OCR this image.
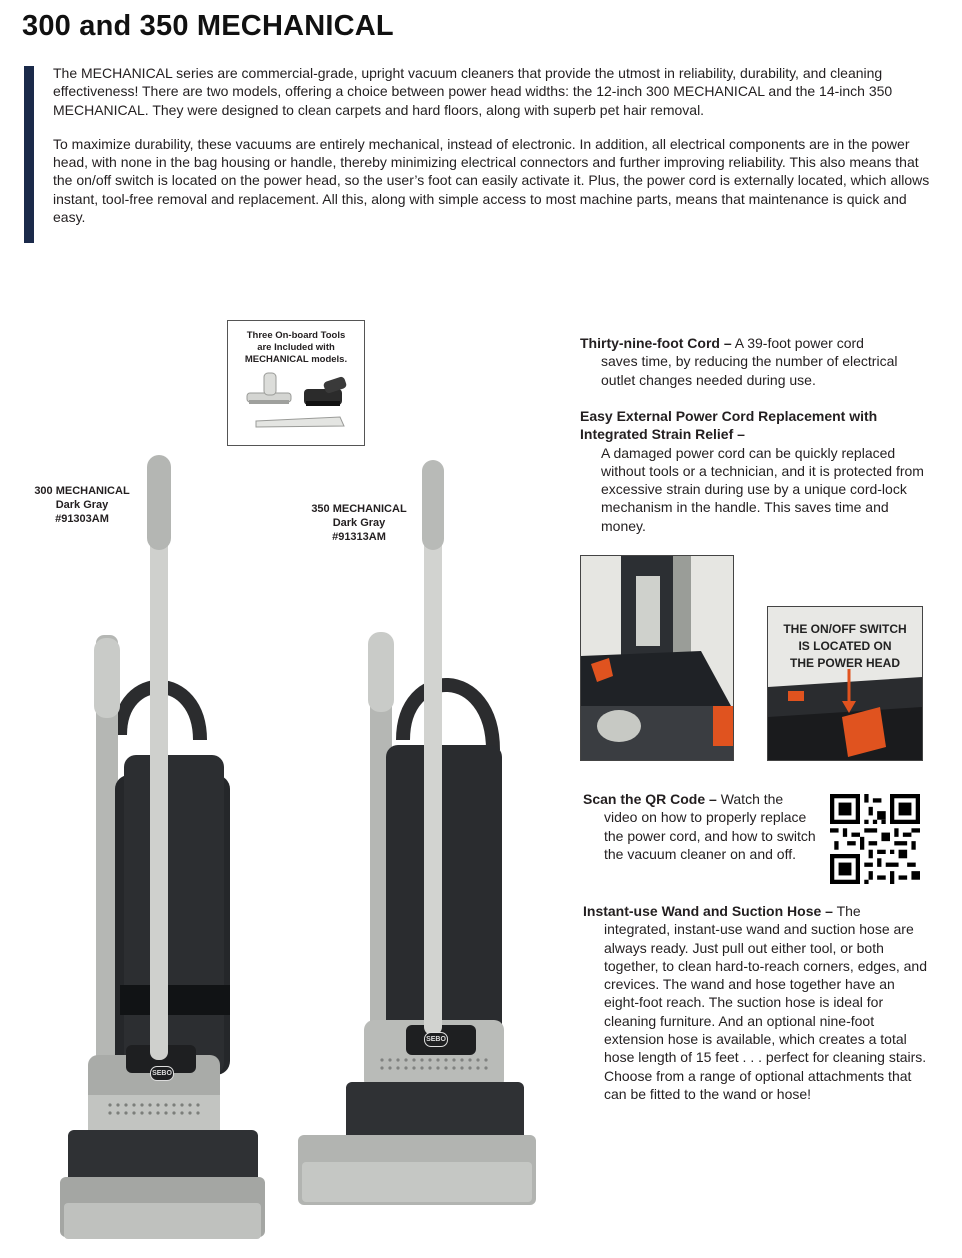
300 and 350 MECHANICAL

The MECHANICAL series are commercial-grade, upright vacuum cleaners that provide the utmost in reliability, durability, and cleaning effectiveness! There are two models, offering a choice between power head widths: the 12-inch 300 MECHANICAL and the 14-inch 350 MECHANICAL. They were designed to clean carpets and hard floors, along with superb pet hair removal.

To maximize durability, these vacuums are entirely mechanical, instead of electronic. In addition, all electrical components are in the power head, with none in the bag housing or handle, thereby minimizing electrical connectors and further improving reliability. This also means that the on/off switch is located on the power head, so the user’s foot can easily activate it. Plus, the power cord is externally located, which allows instant, tool-free removal and replacement. All this, along with simple access to most machine parts, means that maintenance is quick and easy.

Three On-board Tools
are Included with
MECHANICAL models.
300 MECHANICAL
Dark Gray
#91303AM
350 MECHANICAL
Dark Gray
#91313AM
SEBO
SEBO
Thirty-nine-foot Cord – A 39-foot power cord
saves time, by reducing the number of electrical outlet changes needed during use.
Easy External Power Cord Replacement with Integrated Strain Relief –
A damaged power cord can be quickly replaced without tools or a technician, and it is protected from excessive strain during use by a unique cord-lock mechanism in the handle. This saves time and money.
THE ON/OFF SWITCH
IS LOCATED ON
THE POWER HEAD
Scan the QR Code – Watch the
video on how to properly replace the power cord, and how to switch the vacuum cleaner on and off.
Instant-use Wand and Suction Hose – The
integrated, instant-use wand and suction hose are always ready. Just pull out either tool, or both together, to clean hard-to-reach corners, edges, and crevices. The wand and hose together have an eight-foot reach. The suction hose is ideal for cleaning furniture. And an optional nine-foot extension hose is available, which creates a total hose length of 15 feet . . . perfect for cleaning stairs. Choose from a range of optional attachments that can be fitted to the wand or hose!
